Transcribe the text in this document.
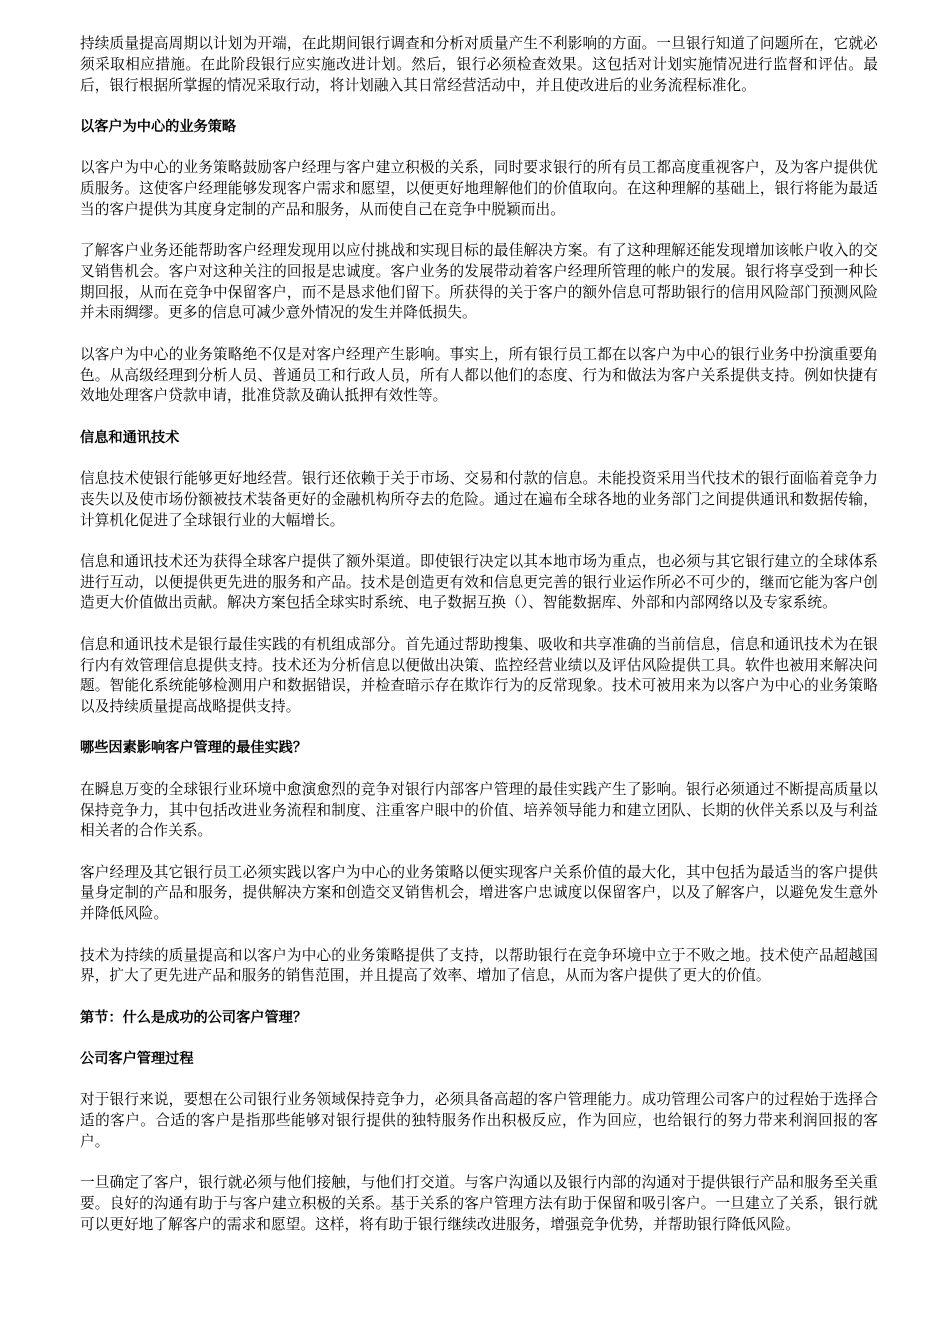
持续质量提高周期以计划为开端，在此期间银行调查和分析对质量产生不利影响的方面。一旦银行知道了问题所在，它就必须采取相应措施。在此阶段银行应实施改进计划。然后，银行必须检查效果。这包括对计划实施情况进行监督和评估。最后，银行根据所掌握的情况采取行动，将计划融入其日常经营活动中，并且使改进后的业务流程标准化。

以客户为中心的业务策略

以客户为中心的业务策略鼓励客户经理与客户建立积极的关系，同时要求银行的所有员工都高度重视客户，及为客户提供优质服务。这使客户经理能够发现客户需求和愿望，以便更好地理解他们的价值取向。在这种理解的基础上，银行将能为最适当的客户提供为其度身定制的产品和服务，从而使自己在竞争中脱颖而出。

了解客户业务还能帮助客户经理发现用以应付挑战和实现目标的最佳解决方案。有了这种理解还能发现增加该帐户收入的交叉销售机会。客户对这种关注的回报是忠诚度。客户业务的发展带动着客户经理所管理的帐户的发展。银行将享受到一种长期回报，从而在竞争中保留客户，而不是恳求他们留下。所获得的关于客户的额外信息可帮助银行的信用风险部门预测风险并未雨绸缪。更多的信息可减少意外情况的发生并降低损失。

以客户为中心的业务策略绝不仅是对客户经理产生影响。事实上，所有银行员工都在以客户为中心的银行业务中扮演重要角色。从高级经理到分析人员、普通员工和行政人员，所有人都以他们的态度、行为和做法为客户关系提供支持。例如快捷有效地处理客户贷款申请，批准贷款及确认抵押有效性等。

信息和通讯技术

信息技术使银行能够更好地经营。银行还依赖于关于市场、交易和付款的信息。未能投资采用当代技术的银行面临着竞争力丧失以及使市场份额被技术装备更好的金融机构所夺去的危险。通过在遍布全球各地的业务部门之间提供通讯和数据传输，计算机化促进了全球银行业的大幅增长。

信息和通讯技术还为获得全球客户提供了额外渠道。即使银行决定以其本地市场为重点，也必须与其它银行建立的全球体系进行互动，以便提供更先进的服务和产品。技术是创造更有效和信息更完善的银行业运作所必不可少的，继而它能为客户创造更大价值做出贡献。解决方案包括全球实时系统、电子数据互换（）、智能数据库、外部和内部网络以及专家系统。

信息和通讯技术是银行最佳实践的有机组成部分。首先通过帮助搜集、吸收和共享准确的当前信息，信息和通讯技术为在银行内有效管理信息提供支持。技术还为分析信息以便做出决策、监控经营业绩以及评估风险提供工具。软件也被用来解决问题。智能化系统能够检测用户和数据错误，并检查暗示存在欺诈行为的反常现象。技术可被用来为以客户为中心的业务策略以及持续质量提高战略提供支持。

哪些因素影响客户管理的最佳实践？

在瞬息万变的全球银行业环境中愈演愈烈的竞争对银行内部客户管理的最佳实践产生了影响。银行必须通过不断提高质量以保持竞争力，其中包括改进业务流程和制度、注重客户眼中的价值、培养领导能力和建立团队、长期的伙伴关系以及与利益相关者的合作关系。

客户经理及其它银行员工必须实践以客户为中心的业务策略以便实现客户关系价值的最大化，其中包括为最适当的客户提供量身定制的产品和服务，提供解决方案和创造交叉销售机会，增进客户忠诚度以保留客户，以及了解客户，以避免发生意外并降低风险。

技术为持续的质量提高和以客户为中心的业务策略提供了支持，以帮助银行在竞争环境中立于不败之地。技术使产品超越国界，扩大了更先进产品和服务的销售范围，并且提高了效率、增加了信息，从而为客户提供了更大的价值。

第节：什么是成功的公司客户管理？
公司客户管理过程

对于银行来说，要想在公司银行业务领域保持竞争力，必须具备高超的客户管理能力。成功管理公司客户的过程始于选择合适的客户。合适的客户是指那些能够对银行提供的独特服务作出积极反应，作为回应，也给银行的努力带来利润回报的客户。

一旦确定了客户，银行就必须与他们接触，与他们打交道。与客户沟通以及银行内部的沟通对于提供银行产品和服务至关重要。良好的沟通有助于与客户建立积极的关系。基于关系的客户管理方法有助于保留和吸引客户。一旦建立了关系，银行就可以更好地了解客户的需求和愿望。这样，将有助于银行继续改进服务，增强竞争优势，并帮助银行降低风险。
